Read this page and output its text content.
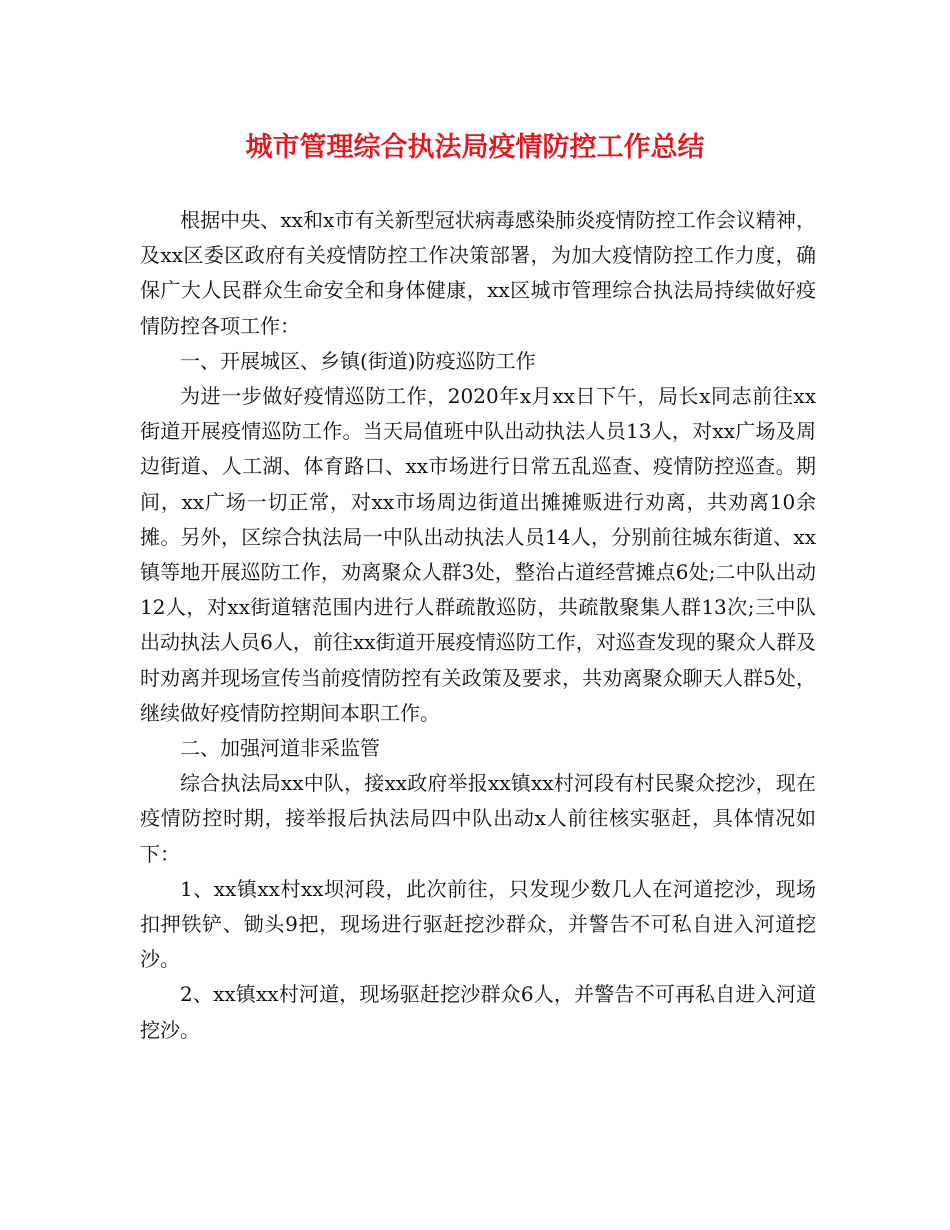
城市管理综合执法局疫情防控工作总结

根据中央、xx和x市有关新型冠状病毒感染肺炎疫情防控工作会议精神，及xx区委区政府有关疫情防控工作决策部署，为加大疫情防控工作力度，确保广大人民群众生命安全和身体健康，xx区城市管理综合执法局持续做好疫情防控各项工作：

一、开展城区、乡镇(街道)防疫巡防工作

为进一步做好疫情巡防工作，2020年x月xx日下午，局长x同志前往xx街道开展疫情巡防工作。当天局值班中队出动执法人员13人，对xx广场及周边街道、人工湖、体育路口、xx市场进行日常五乱巡查、疫情防控巡查。期间，xx广场一切正常，对xx市场周边街道出摊摊贩进行劝离，共劝离10余摊。另外，区综合执法局一中队出动执法人员14人，分别前往城东街道、xx镇等地开展巡防工作，劝离聚众人群3处，整治占道经营摊点6处;二中队出动12人，对xx街道辖范围内进行人群疏散巡防，共疏散聚集人群13次;三中队出动执法人员6人，前往xx街道开展疫情巡防工作，对巡查发现的聚众人群及时劝离并现场宣传当前疫情防控有关政策及要求，共劝离聚众聊天人群5处，继续做好疫情防控期间本职工作。

二、加强河道非采监管

综合执法局xx中队，接xx政府举报xx镇xx村河段有村民聚众挖沙，现在疫情防控时期，接举报后执法局四中队出动x人前往核实驱赶，具体情况如下：

1、xx镇xx村xx坝河段，此次前往，只发现少数几人在河道挖沙，现场扣押铁铲、锄头9把，现场进行驱赶挖沙群众，并警告不可私自进入河道挖沙。

2、xx镇xx村河道，现场驱赶挖沙群众6人，并警告不可再私自进入河道挖沙。
